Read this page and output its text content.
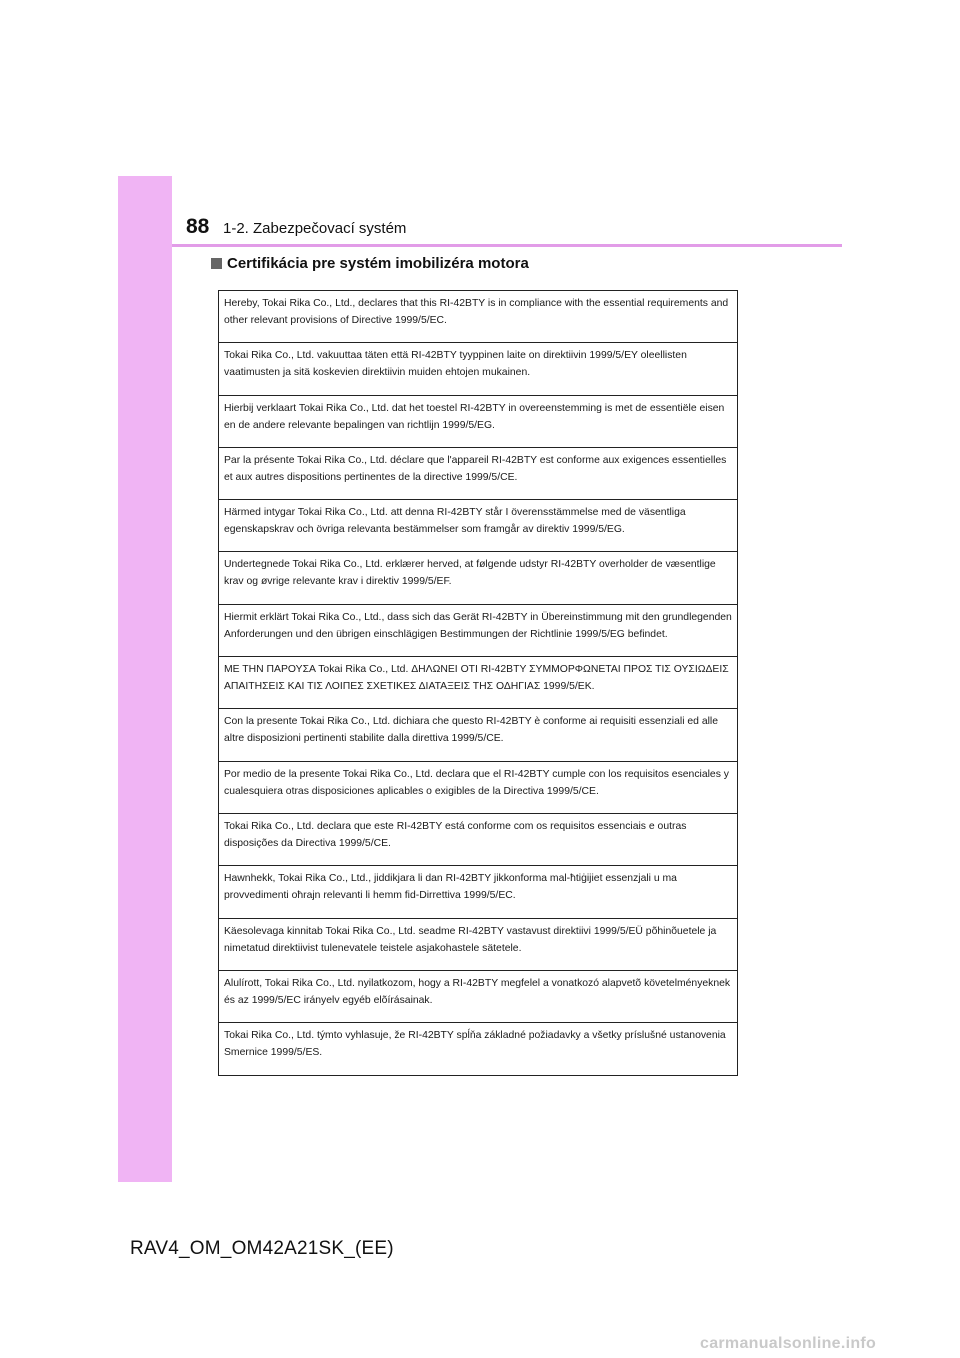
88 1-2. Zabezpečovací systém
Certifikácia pre systém imobilizéra motora
Hereby, Tokai Rika Co., Ltd., declares that this RI-42BTY is in compliance with the essential requirements and other relevant provisions of Directive 1999/5/EC.
Tokai Rika Co., Ltd. vakuuttaa täten että RI-42BTY tyyppinen laite on direktiivin 1999/5/EY oleellisten vaatimusten ja sitä koskevien direktiivin muiden ehtojen mukainen.
Hierbij verklaart Tokai Rika Co., Ltd. dat het toestel RI-42BTY in overeenstemming is met de essentiële eisen en de andere relevante bepalingen van richtlijn 1999/5/EG.
Par la présente Tokai Rika Co., Ltd. déclare que l'appareil RI-42BTY est conforme aux exigences essentielles et aux autres dispositions pertinentes de la directive 1999/5/CE.
Härmed intygar Tokai Rika Co., Ltd. att denna RI-42BTY står I överensstämmelse med de väsentliga egenskapskrav och övriga relevanta bestämmelser som framgår av direktiv 1999/5/EG.
Undertegnede Tokai Rika Co., Ltd. erklærer herved, at følgende udstyr RI-42BTY overholder de væsentlige krav og øvrige relevante krav i direktiv 1999/5/EF.
Hiermit erklärt Tokai Rika Co., Ltd., dass sich das Gerät RI-42BTY in Übereinstimmung mit den grundlegenden Anforderungen und den übrigen einschlägigen Bestimmungen der Richtlinie 1999/5/EG befindet.
ΜΕ ΤΗΝ ΠΑΡΟΥΣΑ Tokai Rika Co., Ltd. ΔΗΛΩΝΕΙ ΟΤΙ RI-42BTY ΣΥΜΜΟΡΦΩΝΕΤΑΙ ΠΡΟΣ ΤΙΣ ΟΥΣΙΩΔΕΙΣ ΑΠΑΙΤΗΣΕΙΣ ΚΑΙ ΤΙΣ ΛΟΙΠΕΣ ΣΧΕΤΙΚΕΣ ΔΙΑΤΑΞΕΙΣ ΤΗΣ ΟΔΗΓΙΑΣ 1999/5/ΕΚ.
Con la presente Tokai Rika Co., Ltd. dichiara che questo RI-42BTY è conforme ai requisiti essenziali ed alle altre disposizioni pertinenti stabilite dalla direttiva 1999/5/CE.
Por medio de la presente Tokai Rika Co., Ltd. declara que el RI-42BTY cumple con los requisitos esenciales y cualesquiera otras disposiciones aplicables o exigibles de la Directiva 1999/5/CE.
Tokai Rika Co., Ltd. declara que este RI-42BTY está conforme com os requisitos essenciais e outras disposições da Directiva 1999/5/CE.
Hawnhekk, Tokai Rika Co., Ltd., jiddikjara li dan RI-42BTY jikkonforma mal-ħtiġijiet essenzjali u ma provvedimenti oħrajn relevanti li hemm fid-Dirrettiva 1999/5/EC.
Käesolevaga kinnitab Tokai Rika Co., Ltd. seadme RI-42BTY vastavust direktiivi 1999/5/EÜ põhinõuetele ja nimetatud direktiivist tulenevatele teistele asjakohastele sätetele.
Alulírott, Tokai Rika Co., Ltd. nyilatkozom, hogy a RI-42BTY megfelel a vonatkozó alapvetõ követelményeknek és az 1999/5/EC irányelv egyéb elõírásainak.
Tokai Rika Co., Ltd. týmto vyhlasuje, že RI-42BTY spĺňa základné požiadavky a všetky príslušné ustanovenia Smernice 1999/5/ES.
RAV4_OM_OM42A21SK_(EE)
carmanualsonline.info
